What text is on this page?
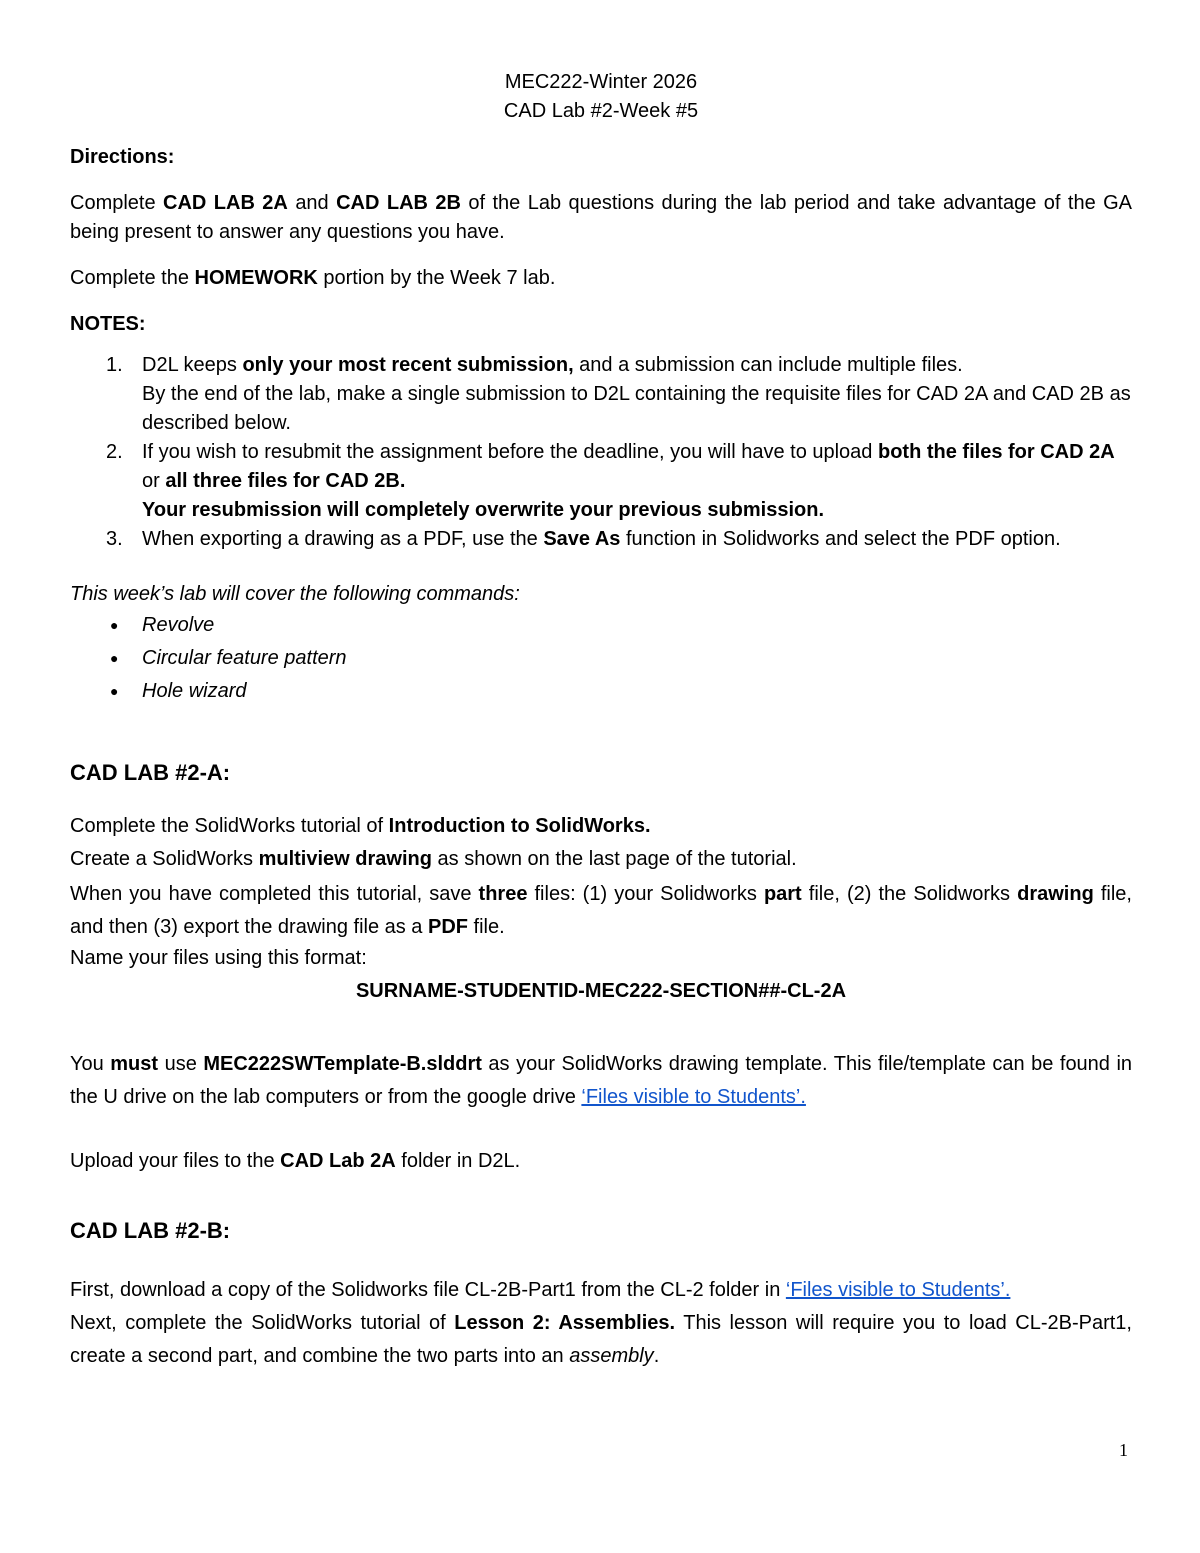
MEC222-Winter 2026

CAD Lab #2-Week #5

Directions:

Complete CAD LAB 2A and CAD LAB 2B of the Lab questions during the lab period and take advantage of the GA being present to answer any questions you have.

Complete the HOMEWORK portion by the Week 7 lab.

NOTES:

1. D2L keeps only your most recent submission, and a submission can include multiple files.
By the end of the lab, make a single submission to D2L containing the requisite files for CAD 2A and CAD 2B as described below.
2. If you wish to resubmit the assignment before the deadline, you will have to upload both the files for CAD 2A or all three files for CAD 2B.
Your resubmission will completely overwrite your previous submission.
3. When exporting a drawing as a PDF, use the Save As function in Solidworks and select the PDF option.

This week’s lab will cover the following commands:

● Revolve
● Circular feature pattern
● Hole wizard
CAD LAB #2-A:

Complete the SolidWorks tutorial of Introduction to SolidWorks.

Create a SolidWorks multiview drawing as shown on the last page of the tutorial.

When you have completed this tutorial, save three files: (1) your Solidworks part file, (2) the Solidworks drawing file, and then (3) export the drawing file as a PDF file.

Name your files using this format:

SURNAME-STUDENTID-MEC222-SECTION##-CL-2A

You must use MEC222SWTemplate-B.slddrt as your SolidWorks drawing template. This file/template can be found in the U drive on the lab computers or from the google drive ‘Files visible to Students’.

Upload your files to the CAD Lab 2A folder in D2L.

CAD LAB #2-B:

First, download a copy of the Solidworks file CL-2B-Part1 from the CL-2 folder in ‘Files visible to Students’.

Next, complete the SolidWorks tutorial of Lesson 2: Assemblies. This lesson will require you to load CL-2B-Part1, create a second part, and combine the two parts into an assembly.

1
